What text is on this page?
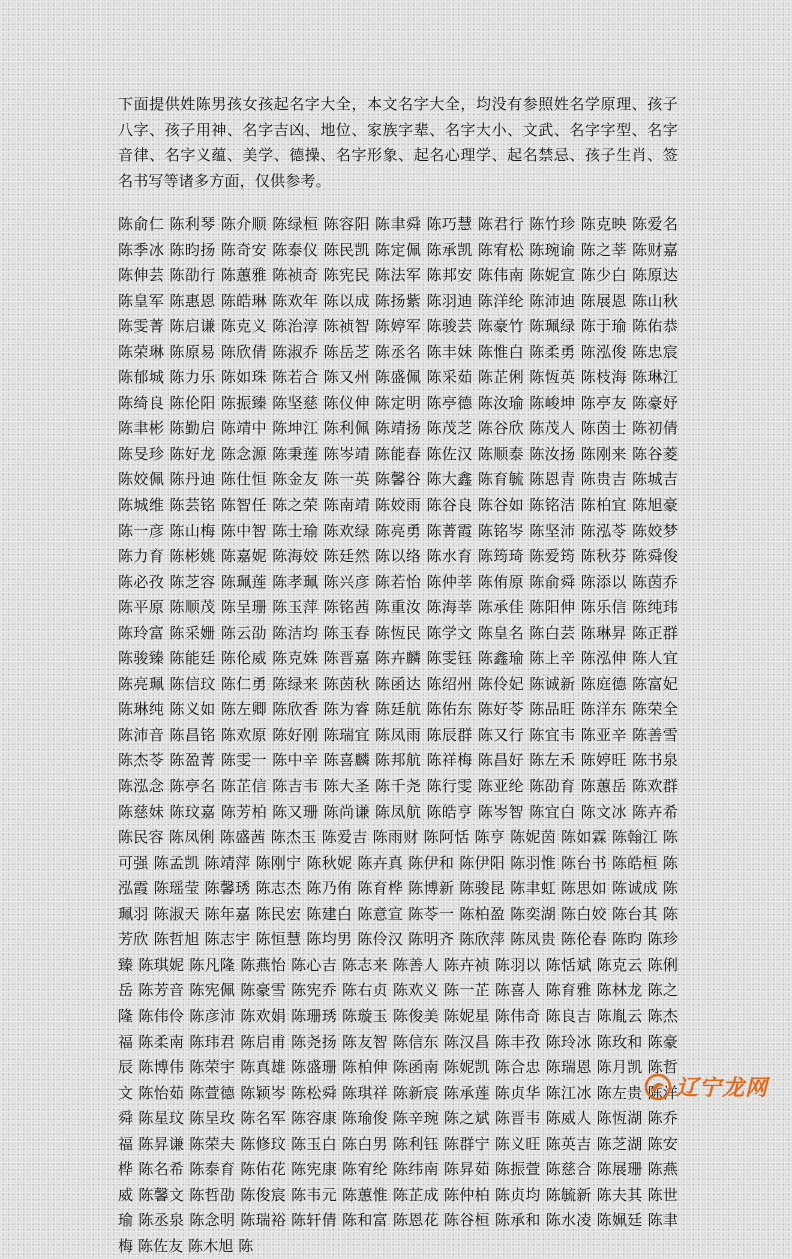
下面提供姓陈男孩女孩起名字大全，本文名字大全，均没有参照姓名学原理、孩子八字、孩子用神、名字吉凶、地位、家族字辈、名字大小、文武、名字字型、名字音律、名字义蕴、美学、德操、名字形象、起名心理学、起名禁忌、孩子生肖、签名书写等诸多方面，仅供参考。

陈俞仁 陈利琴 陈介顺 陈绿桓 陈容阳 陈聿舜 陈巧慧 陈君行 陈竹珍 陈克映 陈爱名 陈季冰 陈昀扬 陈奇安 陈泰仪 陈民凯 陈定佩 陈承凯 陈宥松 陈琬谕 陈之莘 陈财嘉 陈伸芸 陈劭行 陈蕙雅 陈祯奇 陈宪民 陈法军 陈邦安 陈伟南 陈妮宣 陈少白 陈原达 陈皇军 陈惠恩 陈皓琳 陈欢年 陈以成 陈扬紫 陈羽迪 陈洋纶 陈沛迪 陈展恩 陈山秋 陈雯菁 陈启谦 陈克义 陈治淳 陈祯智 陈婷军 陈骏芸 陈豪竹 陈珮绿 陈于瑜 陈佑恭 陈荣琳 陈原易 陈欣倩 陈淑乔 陈岳芝 陈丞名 陈丰妹 陈惟白 陈柔勇 陈泓俊 陈忠宸 陈郁城 陈力乐 陈如珠 陈若合 陈又州 陈盛佩 陈采茹 陈芷俐 陈恆英 陈枝海 陈琳江 陈绮良 陈伦阳 陈振臻 陈坚慈 陈仪伸 陈定明 陈亭德 陈汝瑜 陈峻坤 陈亭友 陈豪妤 陈聿彬 陈勤启 陈靖中 陈坤江 陈利佩 陈靖扬 陈茂芝 陈谷欣 陈茂人 陈茵士 陈初倩 陈旻珍 陈好龙 陈念源 陈秉莲 陈岑靖 陈能春 陈佐汉 陈顺泰 陈汝扬 陈刚来 陈谷菱 陈姣佩 陈丹迪 陈仕恒 陈金友 陈一英 陈馨谷 陈大鑫 陈育毓 陈恩青 陈贵吉 陈城吉 陈城维 陈芸铭 陈智任 陈之荣 陈南靖 陈姣雨 陈谷良 陈谷如 陈铭洁 陈柏宜 陈旭豪 陈一彦 陈山梅 陈中智 陈士瑜 陈欢绿 陈亮勇 陈菁霞 陈铭岑 陈坚沛 陈泓苓 陈姣梦 陈力育 陈彬姚 陈嘉妮 陈海姣 陈廷然 陈以络 陈水育 陈筠琦 陈爱筠 陈秋芬 陈舜俊 陈必孜 陈芝容 陈珮莲 陈孝珮 陈兴彦 陈若怡 陈仲莘 陈侑原 陈俞舜 陈添以 陈茵乔 陈平原 陈顺茂 陈呈珊 陈玉萍 陈铭茜 陈重汝 陈海莘 陈承佳 陈阳伸 陈乐信 陈纯玮 陈玲富 陈采姗 陈云劭 陈洁均 陈玉春 陈恆民 陈学文 陈皇名 陈白芸 陈琳昇 陈正群 陈骏臻 陈能廷 陈伦威 陈克姝 陈晋嘉 陈卉麟 陈雯钰 陈鑫瑜 陈上辛 陈泓伸 陈人宜 陈亮珮 陈信玟 陈仁勇 陈绿来 陈茵秋 陈函达 陈绍州 陈伶妃 陈诚新 陈庭德 陈富妃 陈琳纯 陈义如 陈左卿 陈欣香 陈为睿 陈廷航 陈佑东 陈好苓 陈品旺 陈洋东 陈荣全 陈沛音 陈昌铭 陈欢原 陈好刚 陈瑞宜 陈凤雨 陈辰群 陈又行 陈宜韦 陈亚辛 陈善雪 陈杰苓 陈盈菁 陈雯一 陈中辛 陈喜麟 陈邦航 陈祥梅 陈昌好 陈左禾 陈婷旺 陈书泉 陈泓念 陈亭名 陈芷信 陈吉韦 陈大圣 陈千尧 陈行雯 陈亚纶 陈劭育 陈蕙岳 陈欢群 陈慈妹 陈玟嘉 陈芳柏 陈又珊 陈尚谦 陈凤航 陈皓亨 陈岑智 陈宜白 陈文冰 陈卉希 陈民容 陈凤俐 陈盛茜 陈杰玉 陈爱吉 陈雨财 陈阿恬 陈亨 陈妮茵 陈如霖 陈翰江 陈可强 陈孟凯 陈靖萍 陈刚宁 陈秋妮 陈卉真 陈伊和 陈伊阳 陈羽惟 陈台书 陈皓桓 陈泓霞 陈瑶莹 陈馨琇 陈志杰 陈乃侑 陈育桦 陈博新 陈骏昆 陈聿虹 陈思如 陈诚成 陈珮羽 陈淑天 陈年嘉 陈民宏 陈建白 陈意宣 陈苓一 陈柏盈 陈奕湖 陈白姣 陈台其 陈芳欣 陈哲旭 陈志宇 陈恒慧 陈均男 陈伶汉 陈明齐 陈欣萍 陈凤贵 陈伦春 陈昀 陈珍臻 陈琪妮 陈凡隆 陈燕怡 陈心吉 陈志来 陈善人 陈卉祯 陈羽以 陈恬斌 陈克云 陈俐岳 陈芳音 陈宪佩 陈豪雪 陈宪乔 陈右贞 陈欢义 陈一芷 陈喜人 陈育雅 陈林龙 陈之隆 陈伟伶 陈彦沛 陈欢娟 陈珊琇 陈璇玉 陈俊美 陈妮星 陈伟奇 陈良吉 陈胤云 陈杰福 陈柔南 陈玮君 陈启甫 陈尧扬 陈友智 陈信东 陈汉昌 陈丰孜 陈玲冰 陈玫和 陈豪辰 陈博伟 陈荣宇 陈真雄 陈盛珊 陈柏伸 陈函南 陈妮凯 陈合忠 陈瑞恩 陈月凯 陈哲文 陈怡茹 陈萱德 陈颖岑 陈松舜 陈琪祥 陈新宸 陈承莲 陈贞华 陈江冰 陈左贵 陈洋舜 陈星玟 陈呈玫 陈名军 陈容康 陈瑜俊 陈辛琬 陈之斌 陈晋韦 陈威人 陈恆湖 陈乔福 陈昇谦 陈荣夫 陈修玟 陈玉白 陈白男 陈利钰 陈群宁 陈义旺 陈英吉 陈芝湖 陈安桦 陈名希 陈泰育 陈佑花 陈宪康 陈宥纶 陈纬南 陈昇茹 陈振萱 陈慈合 陈展珊 陈燕威 陈馨文 陈哲劭 陈俊宸 陈韦元 陈蕙惟 陈芷成 陈仲柏 陈贞均 陈毓新 陈夫其 陈世瑜 陈丞泉 陈念明 陈瑞裕 陈轩倩 陈和富 陈恩花 陈谷桓 陈承和 陈水凌 陈姵廷 陈聿梅 陈佐友 陈木旭 陈

辽宁龙网
